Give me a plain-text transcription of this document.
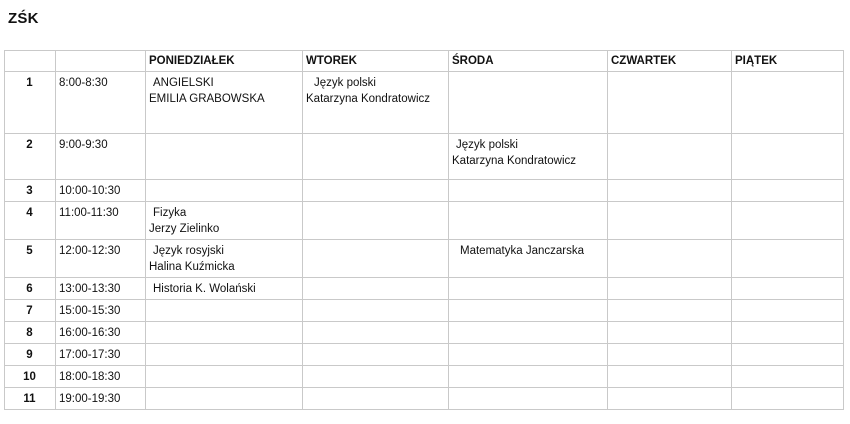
ZŚK
		PONIEDZIAŁEK	WTOREK	ŚRODA	CZWARTEK	PIĄTEK
1	8:00-8:30	ANGIELSKI
EMILIA GRABOWSKA	Język polski
Katarzyna Kondratowicz			

2	9:00-9:30			Język polski
Katarzyna Kondratowicz		

3	10:00-10:30					
4	11:00-11:30	Fizyka
Jerzy Zielinko				

5	12:00-12:30	Język rosyjski
Halina Kuźmicka		Matematyka Janczarska		

6	13:00-13:30	Historia K. Wolański				

7	15:00-15:30					
8	16:00-16:30					
9	17:00-17:30					
10	18:00-18:30					
11	19:00-19:30					
